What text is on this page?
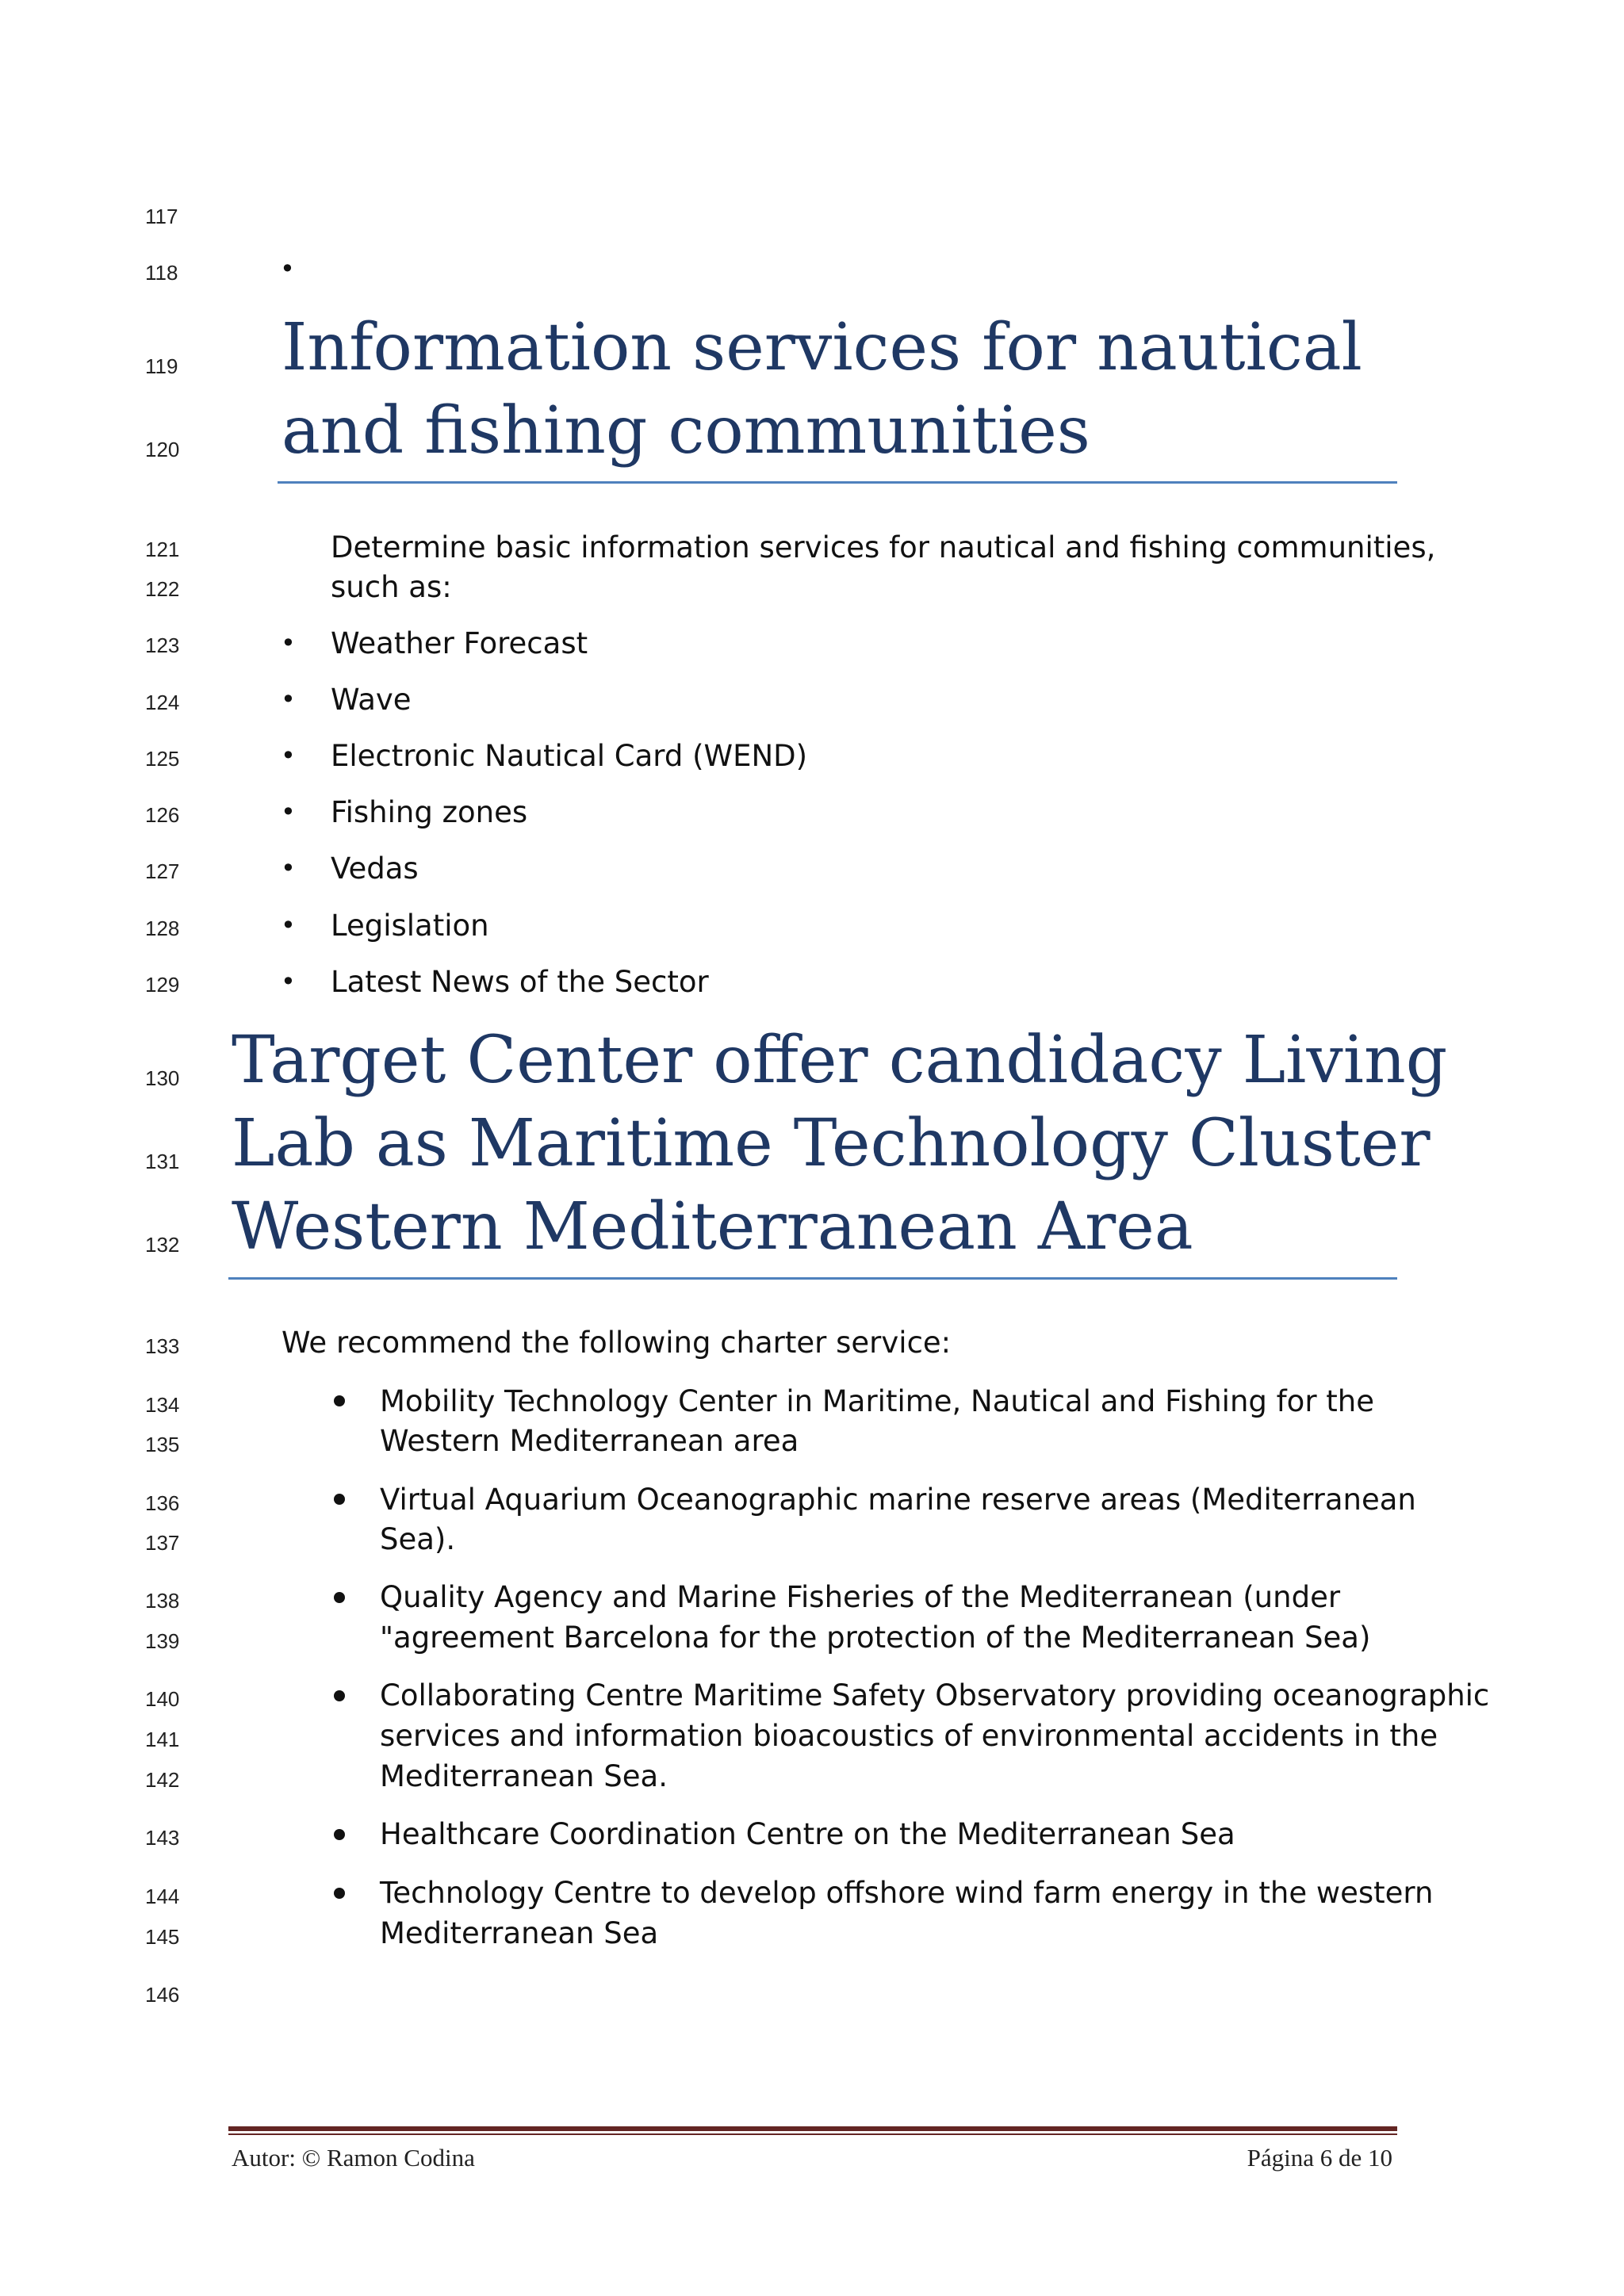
117
118
119
120
121
122
123
124
125
126
127
128
129
130
131
132
133
134
135
136
137
138
139
140
141
142
143
144
145
146
•
Information services for nautical
and fishing communities
Determine basic information services for nautical and fishing communities,
such as:
• Weather Forecast
• Wave
• Electronic Nautical Card (WEND)
• Fishing zones
• Vedas
• Legislation
• Latest News of the Sector
Target Center offer candidacy Living
Lab as Maritime Technology Cluster
Western Mediterranean Area
We recommend the following charter service:
Mobility Technology Center in Maritime, Nautical and Fishing for the
Western Mediterranean area
Virtual Aquarium Oceanographic marine reserve areas (Mediterranean
Sea).
Quality Agency and Marine Fisheries of the Mediterranean (under
"agreement Barcelona for the protection of the Mediterranean Sea)
Collaborating Centre Maritime Safety Observatory providing oceanographic
services and information bioacoustics of environmental accidents in the
Mediterranean Sea.
Healthcare Coordination Centre on the Mediterranean Sea
Technology Centre to develop offshore wind farm energy in the western
Mediterranean Sea
Autor: © Ramon Codina	Página 6 de 10
